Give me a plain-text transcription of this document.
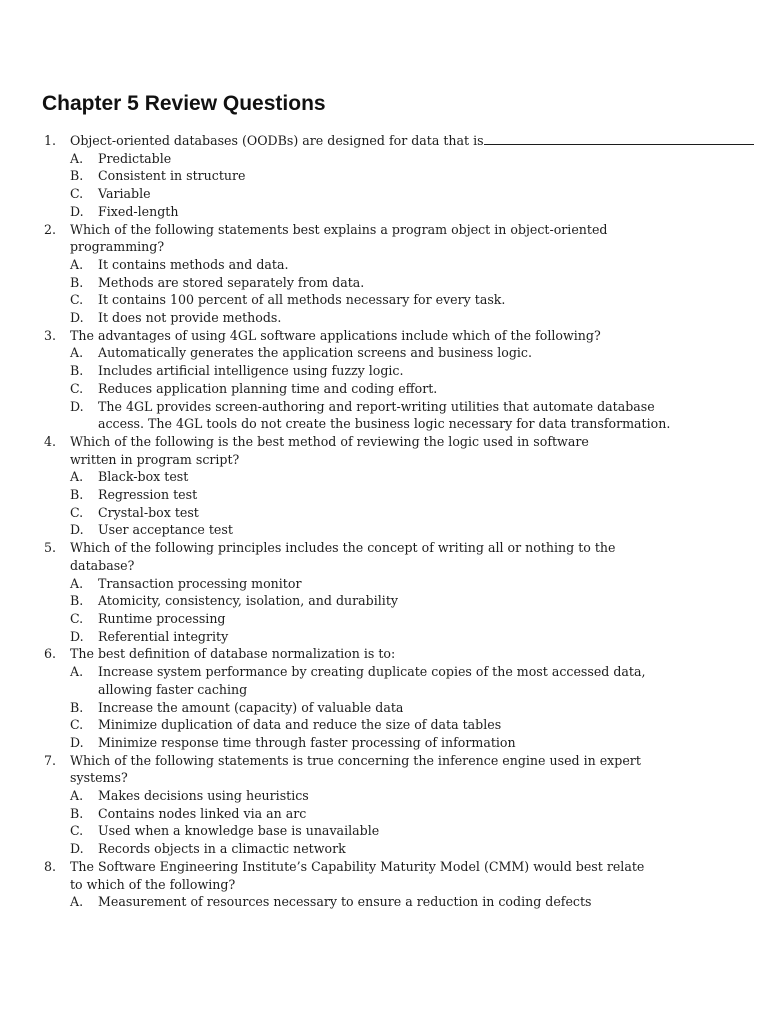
Chapter 5 Review Questions
1. Object-oriented databases (OODBs) are designed for data that is
A. Predictable
B. Consistent in structure
C. Variable
D. Fixed-length
2. Which of the following statements best explains a program object in object-oriented
programming?
A. It contains methods and data.
B. Methods are stored separately from data.
C. It contains 100 percent of all methods necessary for every task.
D. It does not provide methods.
3. The advantages of using 4GL software applications include which of the following?
A. Automatically generates the application screens and business logic.
B. Includes artificial intelligence using fuzzy logic.
C. Reduces application planning time and coding effort.
D. The 4GL provides screen-authoring and report-writing utilities that automate database
access. The 4GL tools do not create the business logic necessary for data transformation.
4. Which of the following is the best method of reviewing the logic used in software
written in program script?
A. Black-box test
B. Regression test
C. Crystal-box test
D. User acceptance test
5. Which of the following principles includes the concept of writing all or nothing to the
database?
A. Transaction processing monitor
B. Atomicity, consistency, isolation, and durability
C. Runtime processing
D. Referential integrity
6. The best definition of database normalization is to:
A. Increase system performance by creating duplicate copies of the most accessed data,
allowing faster caching
B. Increase the amount (capacity) of valuable data
C. Minimize duplication of data and reduce the size of data tables
D. Minimize response time through faster processing of information
7. Which of the following statements is true concerning the inference engine used in expert
systems?
A. Makes decisions using heuristics
B. Contains nodes linked via an arc
C. Used when a knowledge base is unavailable
D. Records objects in a climactic network
8. The Software Engineering Institute’s Capability Maturity Model (CMM) would best relate
to which of the following?
A. Measurement of resources necessary to ensure a reduction in coding defects
